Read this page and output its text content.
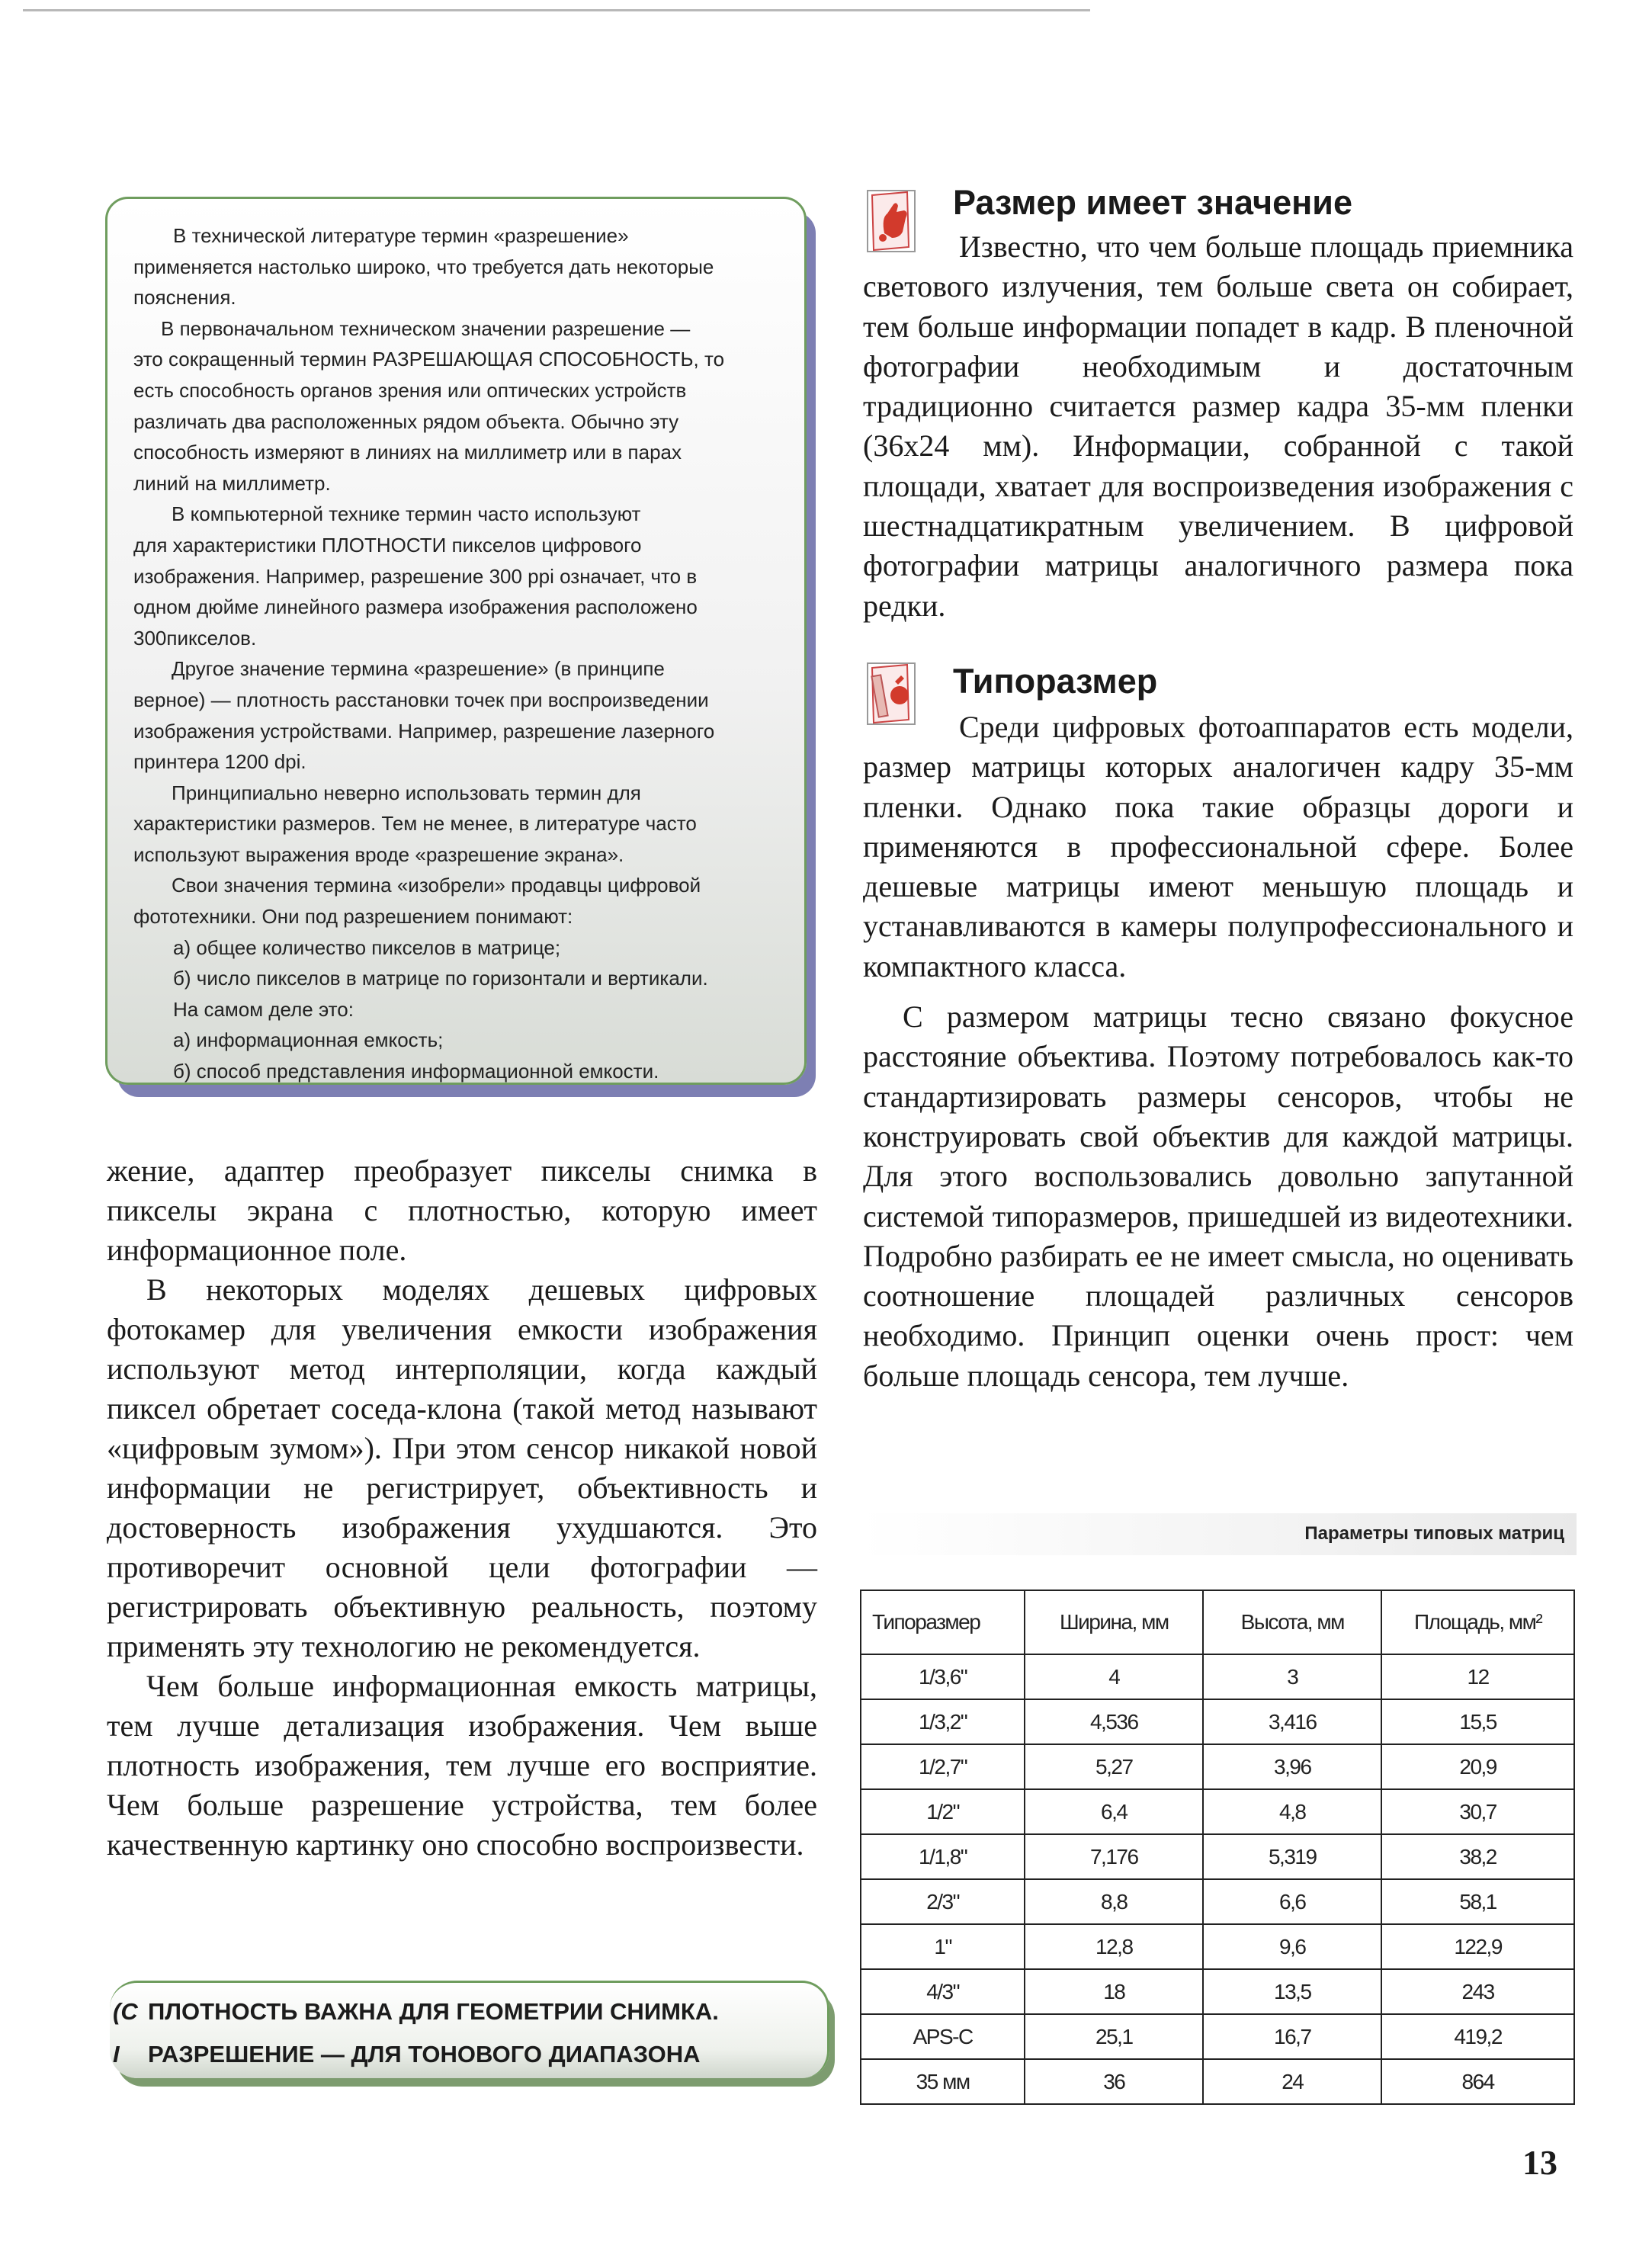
В технической литературе термин «разрешение»
применяется настолько широко, что требуется дать некоторые
пояснения.

В первоначальном техническом значении разрешение —
это сокращенный термин РАЗРЕШАЮЩАЯ СПОСОБНОСТЬ, то
есть способность органов зрения или оптических устройств
различать два расположенных рядом объекта. Обычно эту
способность измеряют в линиях на миллиметр или в парах
линий на миллиметр.

В компьютерной технике термин часто используют
для характеристики ПЛОТНОСТИ пикселов цифрового
изображения. Например, разрешение 300 ppi означает, что в
одном дюйме линейного размера изображения расположено
300пикселов.

Другое значение термина «разрешение» (в принципе
верное) — плотность расстановки точек при воспроизведении
изображения устройствами. Например, разрешение лазерного
принтера 1200 dpi.

Принципиально неверно использовать термин для
характеристики размеров. Тем не менее, в литературе часто
используют выражения вроде «разрешение экрана».

Свои значения термина «изобрели» продавцы цифровой
фототехники. Они под разрешением понимают:

а) общее количество пикселов в матрице;

б) число пикселов в матрице по горизонтали и вертикали.

На самом деле это:

а) информационная емкость;

б) способ представления информационной емкости.

жение, адаптер преобразует пикселы снимка в пикселы экрана с плотностью, которую имеет информационное поле.

В некоторых моделях дешевых цифровых фотокамер для увеличения емкости изображения используют метод интерполяции, когда каждый пиксел обретает соседа-клона (такой метод называют «цифровым зумом»). При этом сенсор никакой новой информации не регистрирует, объективность и достоверность изображения ухудшаются. Это противоречит основной цели фотографии — регистрировать объективную реальность, поэтому применять эту технологию не рекомендуется.

Чем больше информационная емкость матрицы, тем лучше детализация изображения. Чем выше плотность изображения, тем лучше его восприятие. Чем больше разрешение устройства, тем более качественную картинку оно способно воспроизвести.

(С ПЛОТНОСТЬ ВАЖНА ДЛЯ ГЕОМЕТРИИ СНИМКА.
I РАЗРЕШЕНИЕ — ДЛЯ ТОНОВОГО ДИАПАЗОНА
Размер имеет значение

Известно, что чем больше площадь приемника светового излучения, тем больше света он собирает, тем больше информации попадет в кадр. В пленочной фотографии необходимым и достаточным традиционно считается размер кадра 35-мм пленки (36x24 мм). Информации, собранной с такой площади, хватает для воспроизведения изображения с шестнадцатикратным увеличением. В цифровой фотографии матрицы аналогичного размера пока редки.

Типоразмер

Среди цифровых фотоаппаратов есть модели, размер матрицы которых аналогичен кадру 35-мм пленки. Однако пока такие образцы дороги и применяются в профессиональной сфере. Более дешевые матрицы имеют меньшую площадь и устанавливаются в камеры полупрофессионального и компактного класса.

С размером матрицы тесно связано фокусное расстояние объектива. Поэтому потребовалось как-то стандартизировать размеры сенсоров, чтобы не конструировать свой объектив для каждой матрицы. Для этого воспользовались довольно запутанной системой типоразмеров, пришедшей из видеотехники. Подробно разбирать ее не имеет смысла, но оценивать соотношение площадей различных сенсоров необходимо. Принцип оценки очень прост: чем больше площадь сенсора, тем лучше.

Параметры типовых матриц
Типоразмер	Ширина, мм	Высота, мм	Площадь, мм²
1/3,6"	4	3	12
1/3,2"	4,536	3,416	15,5
1/2,7"	5,27	3,96	20,9
1/2"	6,4	4,8	30,7
1/1,8"	7,176	5,319	38,2
2/3"	8,8	6,6	58,1
1"	12,8	9,6	122,9
4/3"	18	13,5	243
APS-C	25,1	16,7	419,2
35 мм	36	24	864
13
